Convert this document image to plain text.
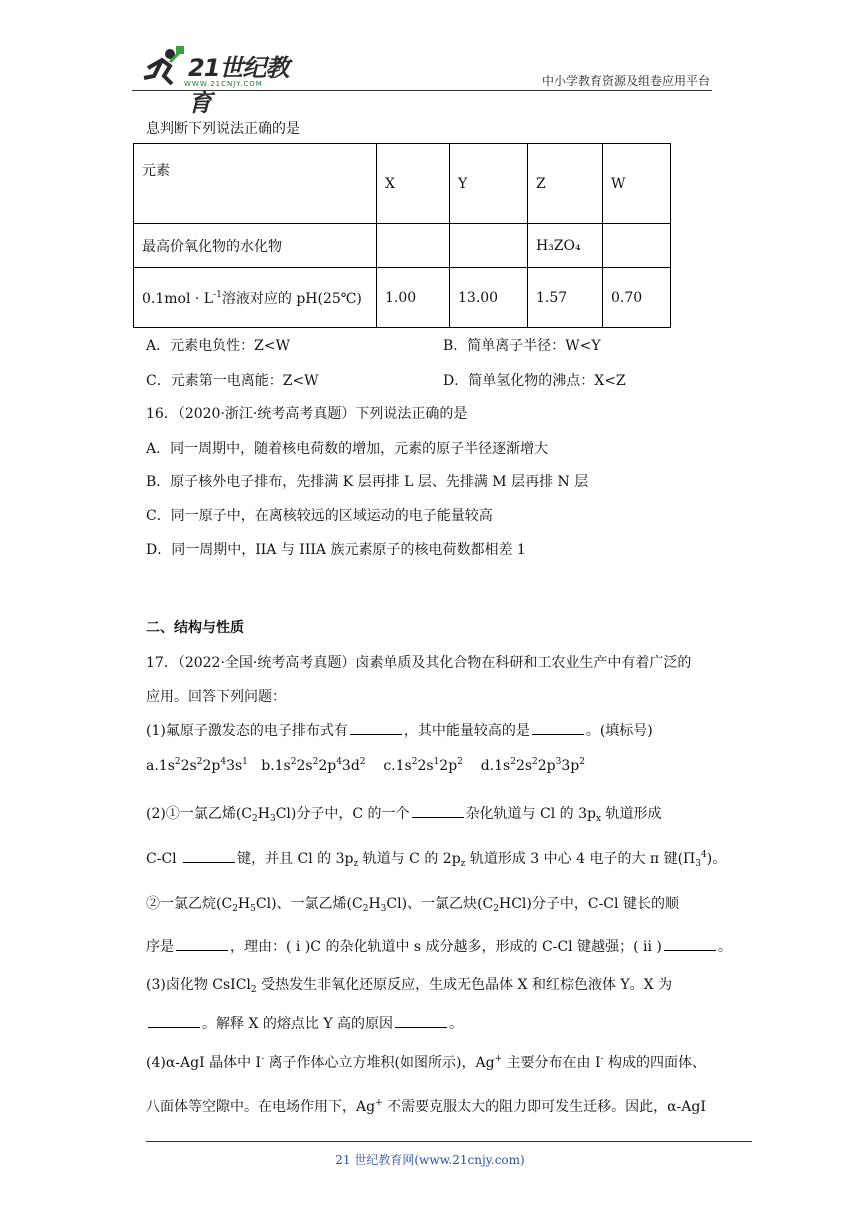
21世纪教育
WWW.21CNJY.COM	中小学教育资源及组卷应用平台
息判断下列说法正确的是
元素	X	Y	Z	W
最高价氧化物的水化物			H₃ZO₄	
$0.1mol \cdot L^{-1}$溶液对应的 pH(25℃)	1.00	13.00	1.57	0.70
A．元素电负性：Z<W	B．简单离子半径：W<Y
C．元素第一电离能：Z<W	D．简单氢化物的沸点：X<Z
16．（2020·浙江·统考高考真题）下列说法正确的是
A．同一周期中，随着核电荷数的增加，元素的原子半径逐渐增大
B．原子核外电子排布，先排满 K 层再排 L 层、先排满 M 层再排 N 层
C．同一原子中，在离核较远的区域运动的电子能量较高
D．同一周期中，IIA 与 IIIA 族元素原子的核电荷数都相差 1
二、结构与性质
17．（2022·全国·统考高考真题）卤素单质及其化合物在科研和工农业生产中有着广泛的
应用。回答下列问题：
(1)氟原子激发态的电子排布式有	，其中能量较高的是	。(填标号)
$a.1s^22s^22p^43s^1$   $b.1s^22s^22p^43d^2$    $c.1s^22s^12p^2$    $d.1s^22s^22p^33p^2$
(2)①一氯乙烯$(C_2H_3Cl)$分子中，C 的一个	杂化轨道与 Cl 的 $3p_x$ 轨道形成
C-Cl	键，并且 Cl 的 $3p_z$ 轨道与 C 的 $2p_z$ 轨道形成 3 中心 4 电子的大 π 键$(\Pi_3^4)$。
②一氯乙烷$(C_2H_5Cl)$、一氯乙烯$(C_2H_3Cl)$、一氯乙炔$(C_2HCl)$分子中，C-Cl 键长的顺
序是	，理由：( i )C 的杂化轨道中 s 成分越多，形成的 C-Cl 键越强；( ii )	。
(3)卤化物 CsICl$_2$ 受热发生非氧化还原反应，生成无色晶体 X 和红棕色液体 Y。X 为
。解释 X 的熔点比 Y 高的原因	。
(4)α-AgI 晶体中 I- 离子作体心立方堆积(如图所示)，Ag+ 主要分布在由 I- 构成的四面体、
八面体等空隙中。在电场作用下，Ag+ 不需要克服太大的阻力即可发生迁移。因此，α-AgI
21 世纪教育网(www.21cnjy.com)
